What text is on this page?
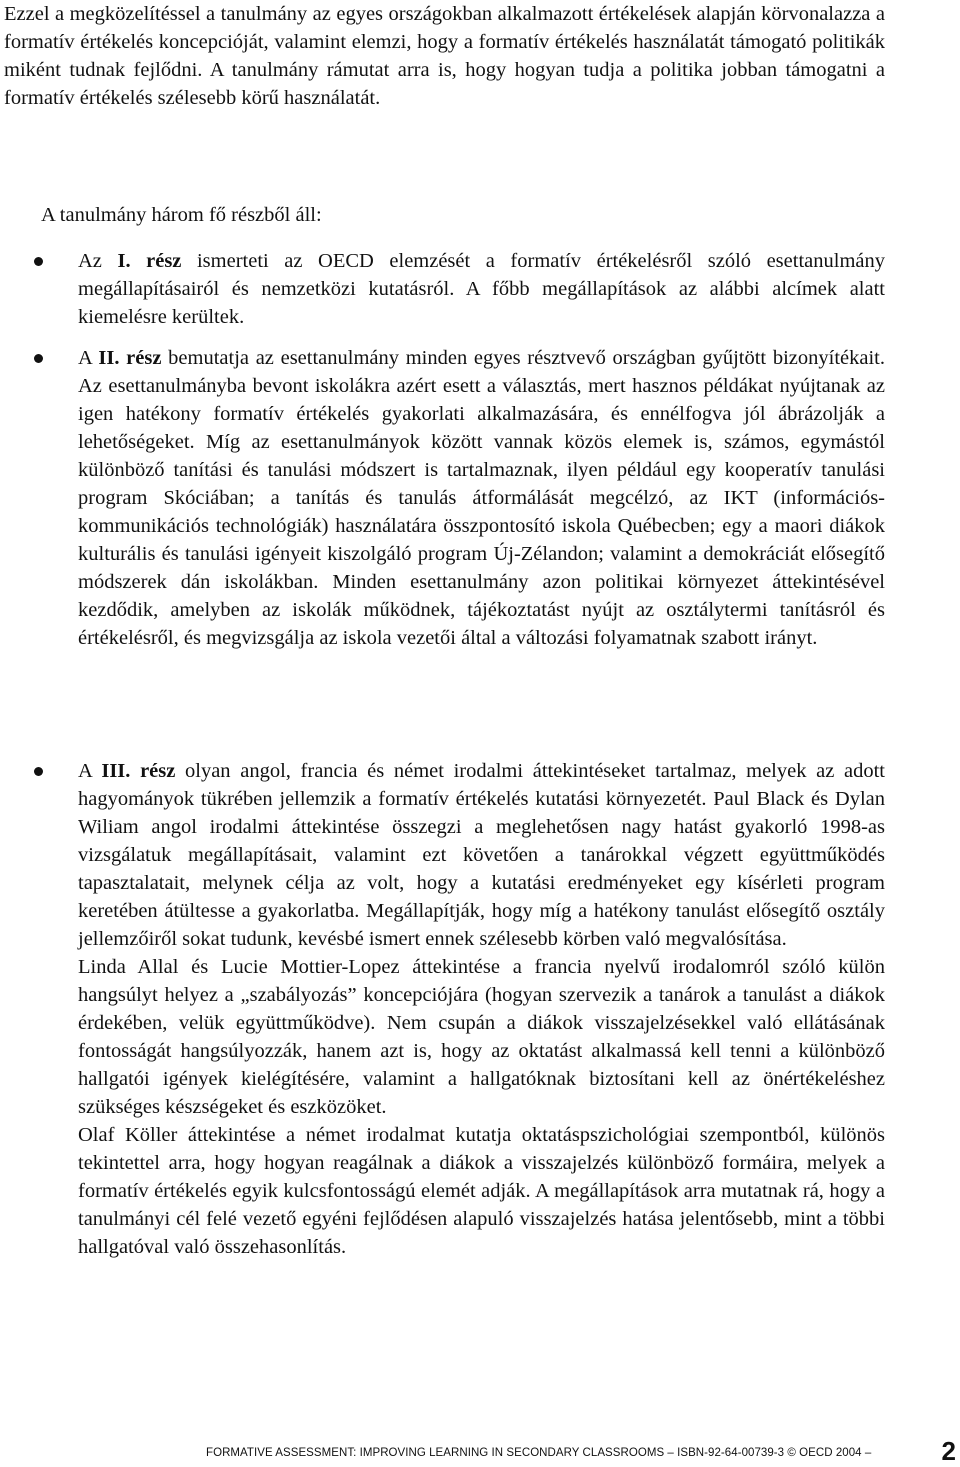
Ezzel a megközelítéssel a tanulmány az egyes országokban alkalmazott értékelések alapján körvonalazza a formatív értékelés koncepcióját, valamint elemzi, hogy a formatív értékelés használatát támogató politikák miként tudnak fejlődni. A tanulmány rámutat arra is, hogy hogyan tudja a politika jobban támogatni a formatív értékelés szélesebb körű használatát.

A tanulmány három fő részből áll:

Az I. rész ismerteti az OECD elemzését a formatív értékelésről szóló esettanulmány megállapításairól és nemzetközi kutatásról. A főbb megállapítások az alábbi alcímek alatt kiemelésre kerültek.

A II. rész bemutatja az esettanulmány minden egyes résztvevő országban gyűjtött bizonyítékait. Az esettanulmányba bevont iskolákra azért esett a választás, mert hasznos példákat nyújtanak az igen hatékony formatív értékelés gyakorlati alkalmazására, és ennélfogva jól ábrázolják a lehetőségeket. Míg az esettanulmányok között vannak közös elemek is, számos, egymástól különböző tanítási és tanulási módszert is tartalmaznak, ilyen például egy kooperatív tanulási program Skóciában; a tanítás és tanulás átformálását megcélzó, az IKT (információs-kommunikációs technológiák) használatára összpontosító iskola Québecben; egy a maori diákok kulturális és tanulási igényeit kiszolgáló program Új-Zélandon; valamint a demokráciát elősegítő módszerek dán iskolákban. Minden esettanulmány azon politikai környezet áttekintésével kezdődik, amelyben az iskolák működnek, tájékoztatást nyújt az osztálytermi tanításról és értékelésről, és megvizsgálja az iskola vezetői által a változási folyamatnak szabott irányt.

A III. rész olyan angol, francia és német irodalmi áttekintéseket tartalmaz, melyek az adott hagyományok tükrében jellemzik a formatív értékelés kutatási környezetét. Paul Black és Dylan Wiliam angol irodalmi áttekintése összegzi a meglehetősen nagy hatást gyakorló 1998-as vizsgálatuk megállapításait, valamint ezt követően a tanárokkal végzett együttműködés tapasztalatait, melynek célja az volt, hogy a kutatási eredményeket egy kísérleti program keretében átültesse a gyakorlatba. Megállapítják, hogy míg a hatékony tanulást elősegítő osztály jellemzőiről sokat tudunk, kevésbé ismert ennek szélesebb körben való megvalósítása.

Linda Allal és Lucie Mottier-Lopez áttekintése a francia nyelvű irodalomról szóló külön hangsúlyt helyez a „szabályozás” koncepciójára (hogyan szervezik a tanárok a tanulást a diákok érdekében, velük együttműködve). Nem csupán a diákok visszajelzésekkel való ellátásának fontosságát hangsúlyozzák, hanem azt is, hogy az oktatást alkalmassá kell tenni a különböző hallgatói igények kielégítésére, valamint a hallgatóknak biztosítani kell az önértékeléshez szükséges készségeket és eszközöket.

Olaf Köller áttekintése a német irodalmat kutatja oktatáspszichológiai szempontból, különös tekintettel arra, hogy hogyan reagálnak a diákok a visszajelzés különböző formáira, melyek a formatív értékelés egyik kulcsfontosságú elemét adják. A megállapítások arra mutatnak rá, hogy a tanulmányi cél felé vezető egyéni fejlődésen alapuló visszajelzés hatása jelentősebb, mint a többi hallgatóval való összehasonlítás.

FORMATIVE ASSESSMENT: IMPROVING LEARNING IN SECONDARY CLASSROOMS – ISBN-92-64-00739-3 © OECD 2004 –	2
